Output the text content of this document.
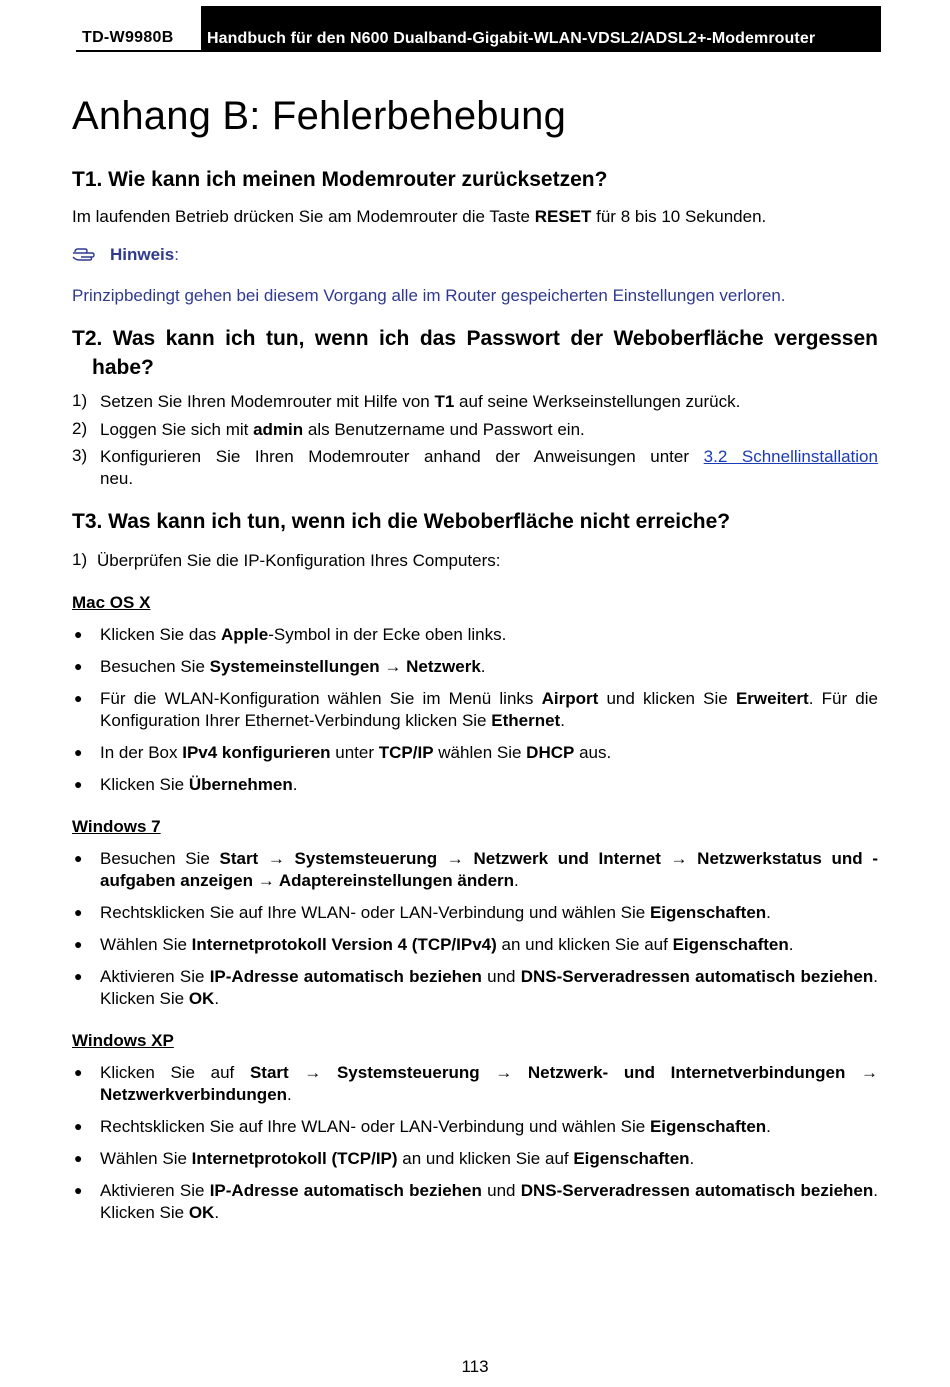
TD-W9980B Handbuch für den N600 Dualband-Gigabit-WLAN-VDSL2/ADSL2+-Modemrouter
Anhang B: Fehlerbehebung
T1. Wie kann ich meinen Modemrouter zurücksetzen?
Im laufenden Betrieb drücken Sie am Modemrouter die Taste RESET für 8 bis 10 Sekunden.
Hinweis:
Prinzipbedingt gehen bei diesem Vorgang alle im Router gespeicherten Einstellungen verloren.
T2. Was kann ich tun, wenn ich das Passwort der Weboberfläche vergessen
habe?
1) Setzen Sie Ihren Modemrouter mit Hilfe von T1 auf seine Werkseinstellungen zurück.
2) Loggen Sie sich mit admin als Benutzername und Passwort ein.
3) Konfigurieren Sie Ihren Modemrouter anhand der Anweisungen unter 3.2 Schnellinstallation
neu.
T3. Was kann ich tun, wenn ich die Weboberfläche nicht erreiche?
1) Überprüfen Sie die IP-Konfiguration Ihres Computers:
Mac OS X
● Klicken Sie das Apple-Symbol in der Ecke oben links.
● Besuchen Sie Systemeinstellungen → Netzwerk.
● Für die WLAN-Konfiguration wählen Sie im Menü links Airport und klicken Sie Erweitert. Für die Konfiguration Ihrer Ethernet-Verbindung klicken Sie Ethernet.
● In der Box IPv4 konfigurieren unter TCP/IP wählen Sie DHCP aus.
● Klicken Sie Übernehmen.
Windows 7
● Besuchen Sie Start → Systemsteuerung → Netzwerk und Internet → Netzwerkstatus und -aufgaben anzeigen → Adaptereinstellungen ändern.
● Rechtsklicken Sie auf Ihre WLAN- oder LAN-Verbindung und wählen Sie Eigenschaften.
● Wählen Sie Internetprotokoll Version 4 (TCP/IPv4) an und klicken Sie auf Eigenschaften.
● Aktivieren Sie IP-Adresse automatisch beziehen und DNS-Serveradressen automatisch beziehen. Klicken Sie OK.
Windows XP
● Klicken Sie auf Start → Systemsteuerung → Netzwerk- und Internetverbindungen → Netzwerkverbindungen.
● Rechtsklicken Sie auf Ihre WLAN- oder LAN-Verbindung und wählen Sie Eigenschaften.
● Wählen Sie Internetprotokoll (TCP/IP) an und klicken Sie auf Eigenschaften.
● Aktivieren Sie IP-Adresse automatisch beziehen und DNS-Serveradressen automatisch beziehen. Klicken Sie OK.
113
